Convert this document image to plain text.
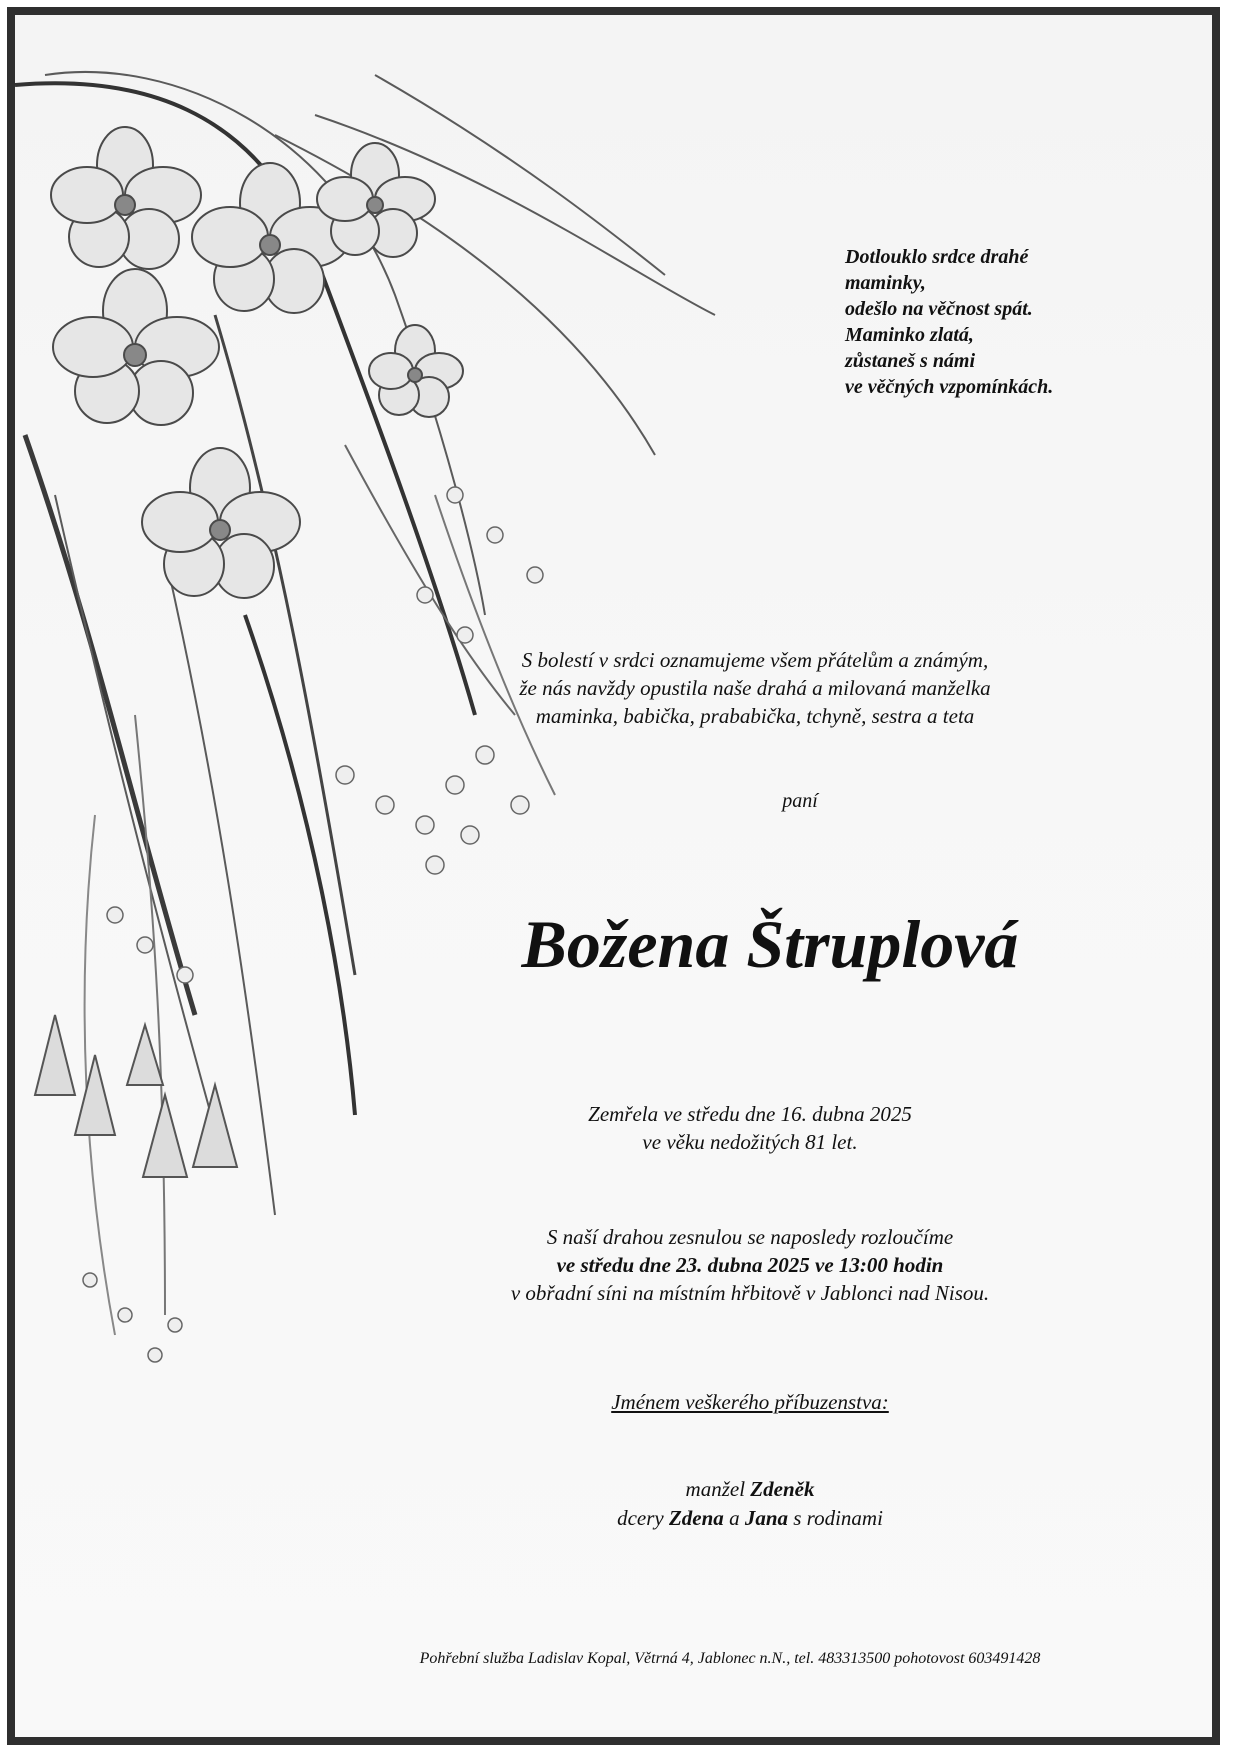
Dotlouklo srdce drahé
maminky,
odešlo na věčnost spát.
Maminko zlatá,
zůstaneš s námi
ve věčných vzpomínkách.

S bolestí v srdci oznamujeme všem přátelům a známým,
že nás navždy opustila naše drahá a milovaná manželka
maminka, babička, prababička, tchyně, sestra a teta

paní

Božena Štruplová

Zemřela ve středu dne 16. dubna 2025
ve věku nedožitých 81 let.

S naší drahou zesnulou se naposledy rozloučíme
ve středu dne 23. dubna 2025 ve 13:00 hodin
v obřadní síni na místním hřbitově v Jablonci nad Nisou.

Jménem veškerého příbuzenstva:

manžel Zdeněk
dcery Zdena a Jana s rodinami

Pohřební služba Ladislav Kopal, Větrná 4, Jablonec n.N., tel. 483313500 pohotovost 603491428
